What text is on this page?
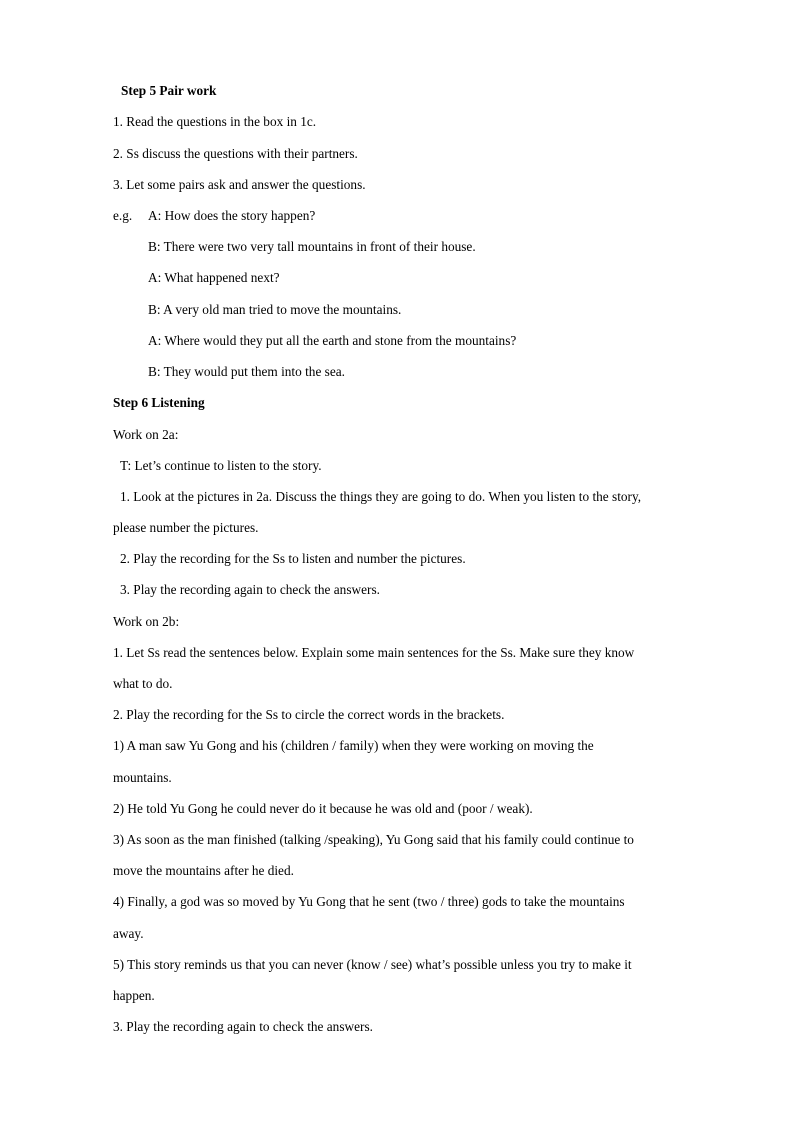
Step 5 Pair work
1. Read the questions in the box in 1c.
2. Ss discuss the questions with their partners.
3. Let some pairs ask and answer the questions.
e.g. A: How does the story happen?
B: There were two very tall mountains in front of their house.
A: What happened next?
B: A very old man tried to move the mountains.
A: Where would they put all the earth and stone from the mountains?
B: They would put them into the sea.
Step 6 Listening
Work on 2a:
T: Let’s continue to listen to the story.
1. Look at the pictures in 2a. Discuss the things they are going to do. When you listen to the story,
please number the pictures.
2. Play the recording for the Ss to listen and number the pictures.
3. Play the recording again to check the answers.
Work on 2b:
1. Let Ss read the sentences below. Explain some main sentences for the Ss. Make sure they know
what to do.
2. Play the recording for the Ss to circle the correct words in the brackets.
1) A man saw Yu Gong and his (children / family) when they were working on moving the
mountains.
2) He told Yu Gong he could never do it because he was old and (poor / weak).
3) As soon as the man finished (talking /speaking), Yu Gong said that his family could continue to
move the mountains after he died.
4) Finally, a god was so moved by Yu Gong that he sent (two / three) gods to take the mountains
away.
5) This story reminds us that you can never (know / see) what’s possible unless you try to make it
happen.
3. Play the recording again to check the answers.
